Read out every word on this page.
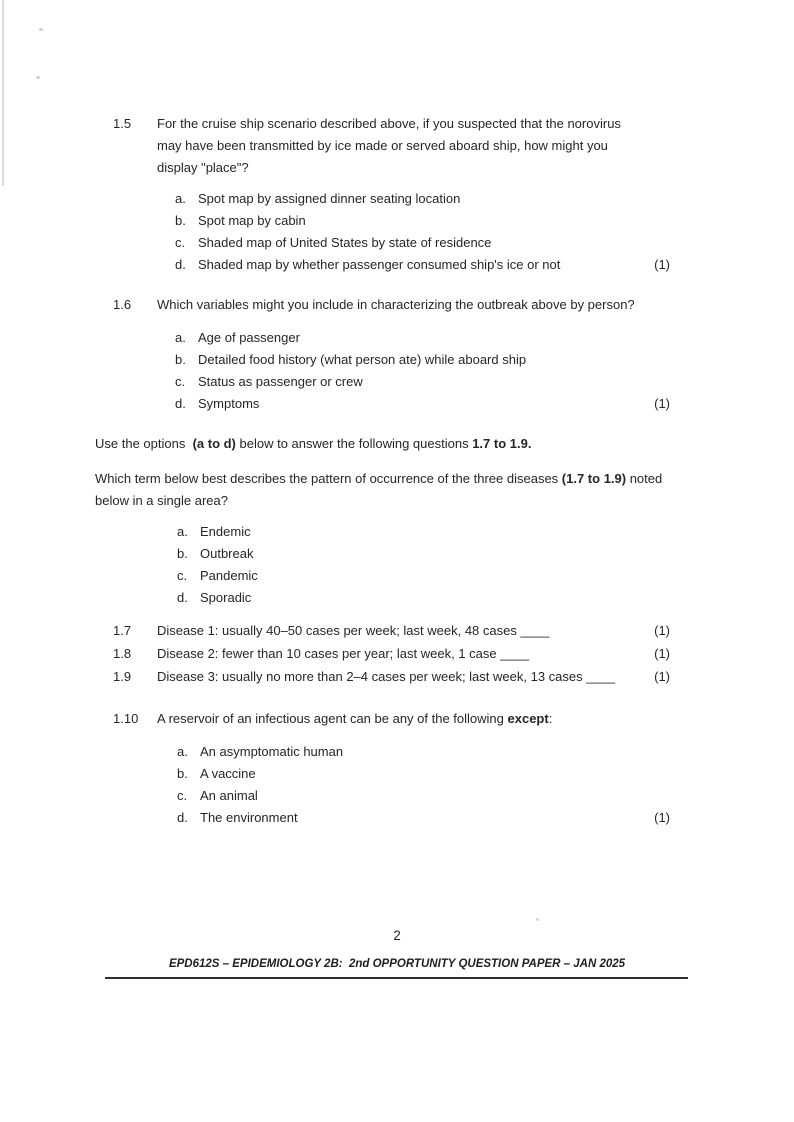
1.5	For the cruise ship scenario described above, if you suspected that the norovirus may have been transmitted by ice made or served aboard ship, how might you display "place"?
a. Spot map by assigned dinner seating location
b. Spot map by cabin
c. Shaded map of United States by state of residence
d. Shaded map by whether passenger consumed ship's ice or not	(1)
1.6	Which variables might you include in characterizing the outbreak above by person?
a. Age of passenger
b. Detailed food history (what person ate) while aboard ship
c. Status as passenger or crew
d. Symptoms	(1)

Use the options  (a to d) below to answer the following questions 1.7 to 1.9.

Which term below best describes the pattern of occurrence of the three diseases (1.7 to 1.9) noted below in a single area?

a. Endemic
b. Outbreak
c. Pandemic
d. Sporadic
1.7	Disease 1: usually 40–50 cases per week; last week, 48 cases ____	(1)
1.8	Disease 2: fewer than 10 cases per year; last week, 1 case ____	(1)
1.9	Disease 3: usually no more than 2–4 cases per week; last week, 13 cases ____	(1)
1.10	A reservoir of an infectious agent can be any of the following except:
a. An asymptomatic human
b. A vaccine
c. An animal
d. The environment	(1)
2
EPD612S – EPIDEMIOLOGY 2B:  2nd OPPORTUNITY QUESTION PAPER – JAN 2025
